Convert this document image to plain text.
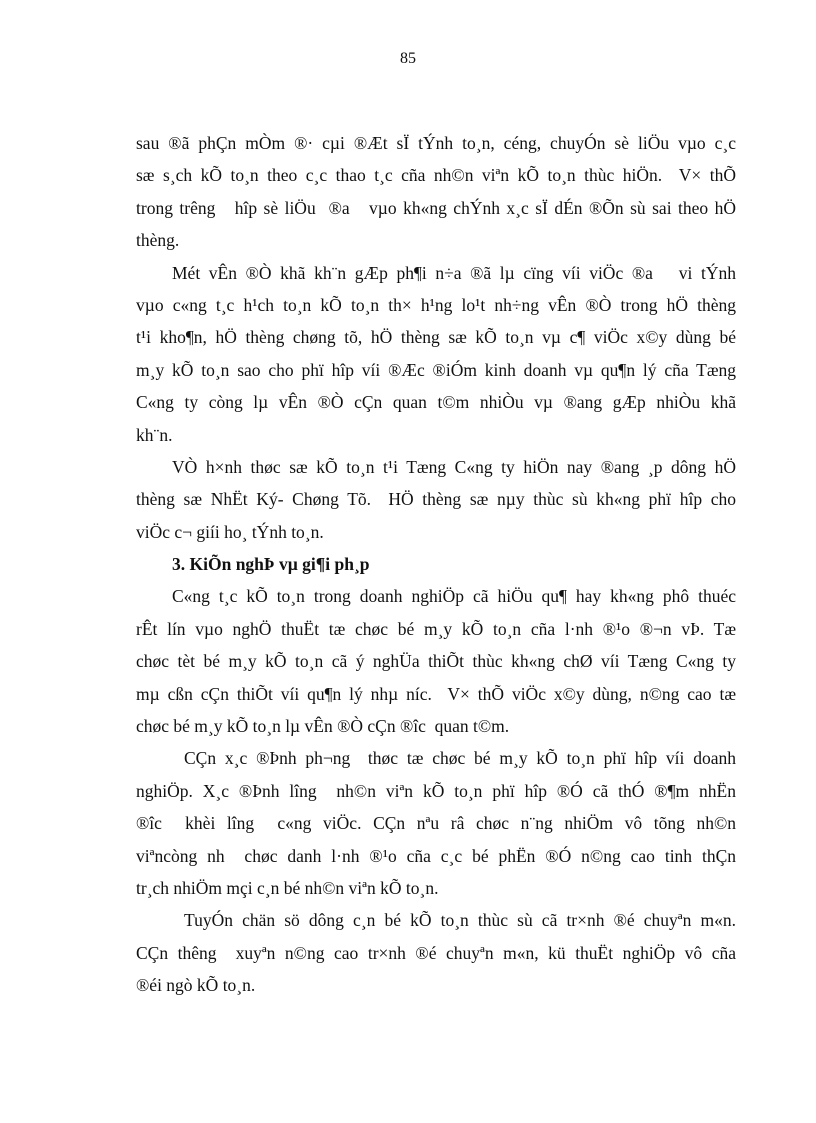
85
sau ®ã phÇn mÒm ®· cµi ®Æt sÏ tÝnh to¸n, céng, chuyÓn sè liÖu vµo c¸c
sæ s¸ch kÕ to¸n theo c¸c thao t¸c cña nh©n viªn kÕ to¸n thùc hiÖn.  V× thÕ
trong trêng   hîp sè liÖu  ®a   vµo kh«ng chÝnh x¸c sÏ dÉn ®Õn sù sai theo hÖ
thèng.
Mét vÊn ®Ò khã kh¨n gÆp ph¶i n÷a ®ã lµ cïng víi viÖc ®a   vi tÝnh
vµo c«ng t¸c h¹ch to¸n kÕ to¸n th× h¹ng lo¹t nh÷ng vÊn ®Ò trong hÖ thèng
t¹i kho¶n, hÖ thèng chøng tõ, hÖ thèng sæ kÕ to¸n vµ c¶ viÖc x©y dùng bé
m¸y kÕ to¸n sao cho phï hîp víi ®Æc ®iÓm kinh doanh vµ qu¶n lý cña Tæng
C«ng ty còng lµ vÊn ®Ò cÇn quan t©m nhiÒu vµ ®ang gÆp nhiÒu khã
kh¨n.
VÒ h×nh thøc sæ kÕ to¸n t¹i Tæng C«ng ty hiÖn nay ®ang ¸p dông hÖ
thèng sæ NhËt Ký- Chøng Tõ.  HÖ thèng sæ nµy thùc sù kh«ng phï hîp cho
viÖc c¬ giíi ho¸ tÝnh to¸n.
3. KiÕn nghÞ vµ gi¶i ph¸p
C«ng t¸c kÕ to¸n trong doanh nghiÖp cã hiÖu qu¶ hay kh«ng phô thuéc
rÊt lín vµo nghÖ thuËt tæ chøc bé m¸y kÕ to¸n cña l·nh ®¹o ®¬n vÞ. Tæ
chøc tèt bé m¸y kÕ to¸n cã ý nghÜa thiÕt thùc kh«ng chØ víi Tæng C«ng ty
mµ cßn cÇn thiÕt víi qu¶n lý nhµ níc.  V× thÕ viÖc x©y dùng, n©ng cao tæ
chøc bé m¸y kÕ to¸n lµ vÊn ®Ò cÇn ®îc  quan t©m.
CÇn x¸c ®Þnh ph¬ng  thøc tæ chøc bé m¸y kÕ to¸n phï hîp víi doanh
nghiÖp. X¸c ®Þnh lîng  nh©n viªn kÕ to¸n phï hîp ®Ó cã thÓ ®¶m nhËn
®îc  khèi lîng  c«ng viÖc. CÇn nªu râ chøc n¨ng nhiÖm vô tõng nh©n
viªncòng nh  chøc danh l·nh ®¹o cña c¸c bé phËn ®Ó n©ng cao tinh thÇn
tr¸ch nhiÖm mçi c¸n bé nh©n viªn kÕ to¸n.
TuyÓn chän sö dông c¸n bé kÕ to¸n thùc sù cã tr×nh ®é chuyªn m«n.
CÇn thêng  xuyªn n©ng cao tr×nh ®é chuyªn m«n, kü thuËt nghiÖp vô cña
®éi ngò kÕ to¸n.
